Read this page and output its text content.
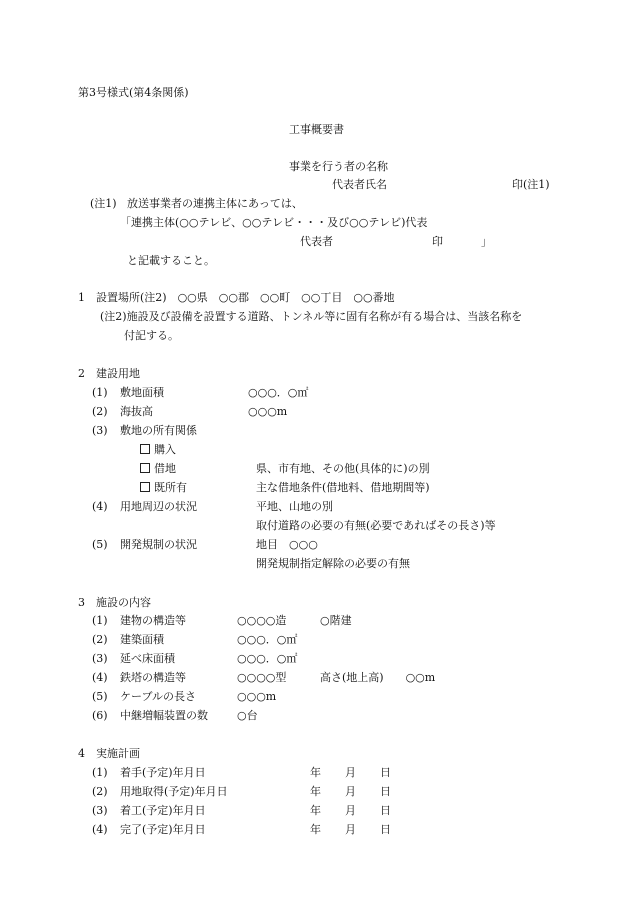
第3号様式(第4条関係)
工事概要書
事業を行う者の名称
代表者氏名	印(注1)
(注1) 放送事業者の連携主体にあっては、
「連携主体(○○テレビ、○○テレビ・・・及び○○テレビ)代表
代表者	印	」
と記載すること。
1　設置場所(注2)　○○県　○○郡　○○町　○○丁目　○○番地
(注2)施設及び設備を設置する道路、トンネル等に固有名称が有る場合は、当該名称を
付記する。
2　建設用地
(1) 敷地面積	○○○．○㎡
(2) 海抜高	○○○m
(3) 敷地の所有関係
購入
借地	県、市有地、その他(具体的に)の別
既所有	主な借地条件(借地料、借地期間等)
(4) 用地周辺の状況	平地、山地の別
取付道路の必要の有無(必要であればその長さ)等
(5) 開発規制の状況	地目　○○○
開発規制指定解除の必要の有無
3　施設の内容
(1) 建物の構造等	○○○○造	○階建
(2) 建築面積	○○○．○㎡
(3) 延べ床面積	○○○．○㎡
(4) 鉄塔の構造等	○○○○型	高さ(地上高)　　○○m
(5) ケーブルの長さ	○○○m
(6) 中継増幅装置の数	○台
4　実施計画
(1) 着手(予定)年月日	年 月 日
(2) 用地取得(予定)年月日	年 月 日
(3) 着工(予定)年月日	年 月 日
(4) 完了(予定)年月日	年 月 日
